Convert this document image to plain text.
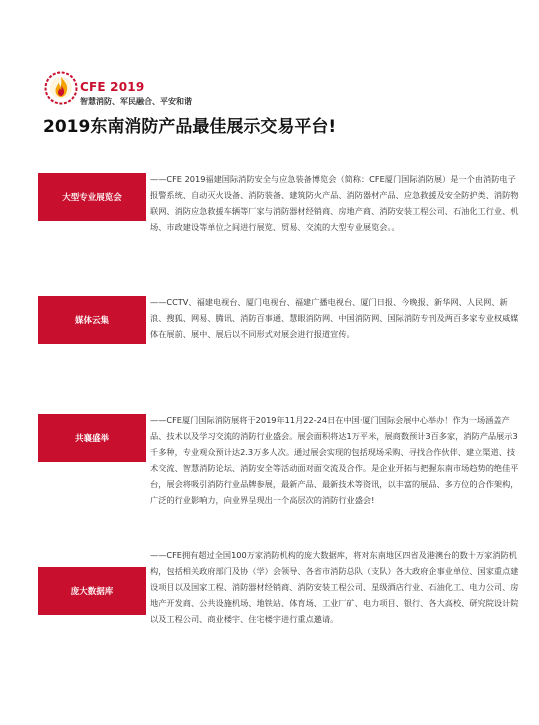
CFE 2019
智慧消防、军民融合、平安和谐
2019东南消防产品最佳展示交易平台!
大型专业展览会

——CFE 2019福建国际消防安全与应急装备博览会（简称：CFE厦门国际消防展）是一个由消防电子报警系统、自动灭火设备、消防装备、建筑防火产品、消防器材产品、应急救援及安全防护类、消防物联网、消防应急救援车辆等厂家与消防器材经销商、房地产商、消防安装工程公司、石油化工行业、机场、市政建设等单位之间进行展览、贸易、交流的大型专业展览会。。

媒体云集

——CCTV、福建电视台、厦门电视台、福建广播电视台、厦门日报、今晚报、新华网、人民网、新浪、搜狐、网易、腾讯、消防百事通、慧眼消防网、中国消防网、国际消防专刊及两百多家专业权威媒体在展前、展中、展后以不同形式对展会进行报道宣传。

共襄盛举

——CFE厦门国际消防展将于2019年11月22-24日在中国·厦门国际会展中心举办！作为一场涵盖产品、技术以及学习交流的消防行业盛会。展会面积将达1万平米，展商数预计3百多家，消防产品展示3千多种，专业观众预计达2.3万多人次。通过展会实现的包括现场采购、寻找合作伙伴、建立渠道、技术交流、智慧消防论坛、消防安全等活动面对面交流及合作。是企业开拓与把握东南市场趋势的绝佳平台，展会将吸引消防行业品牌参展，最新产品、最新技术等资讯，以丰富的展品、多方位的合作架构，广泛的行业影响力，向业界呈现出一个高层次的消防行业盛会!

庞大数据库

——CFE拥有超过全国100万家消防机构的庞大数据库，将对东南地区四省及港澳台的数十万家消防机构，包括相关政府部门及协（学）会领导、各省市消防总队（支队）各大政府企事业单位、国家重点建设项目以及国家工程、消防器材经销商、消防安装工程公司、星级酒店行业、石油化工、电力公司、房地产开发商、公共设施机场、地铁站、体育场、工业厂矿、电力项目、银行、各大高校、研究院设计院以及工程公司、商业楼宇、住宅楼宇进行重点邀请。
